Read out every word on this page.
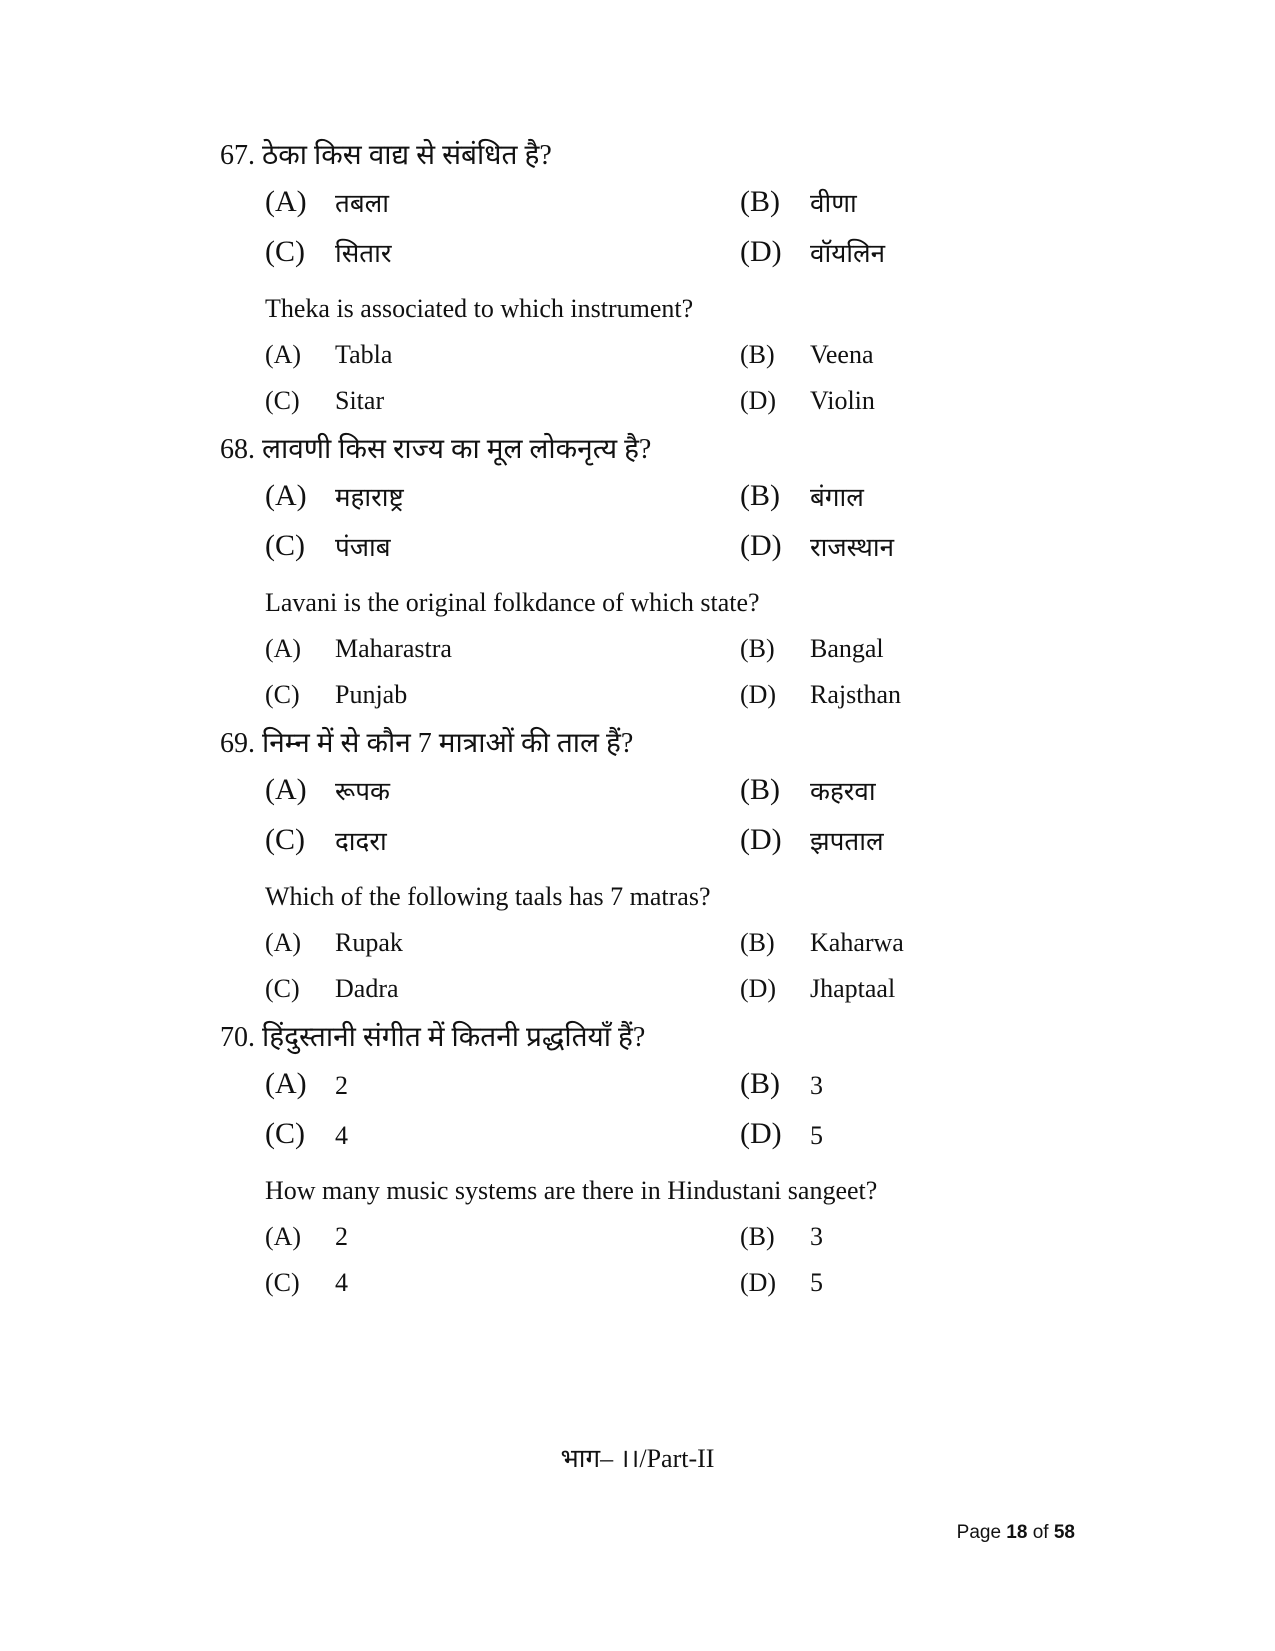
67. ठेका किस वाद्य से संबंधित है?
(A) तबला	(B) वीणा
(C) सितार	(D) वॉयलिन
Theka is associated to which instrument?
(A) Tabla	(B) Veena
(C) Sitar	(D) Violin
68. लावणी किस राज्य का मूल लोकनृत्य है?
(A) महाराष्ट्र	(B) बंगाल
(C) पंजाब	(D) राजस्थान
Lavani is the original folkdance of which state?
(A) Maharastra	(B) Bangal
(C) Punjab	(D) Rajsthan
69. निम्न में से कौन 7 मात्राओं की ताल हैं?
(A) रूपक	(B) कहरवा
(C) दादरा	(D) झपताल
Which of the following taals has 7 matras?
(A) Rupak	(B) Kaharwa
(C) Dadra	(D) Jhaptaal
70. हिंदुस्तानी संगीत में कितनी प्रद्धतियाँ हैं?
(A) 2	(B) 3
(C) 4	(D) 5
How many music systems are there in Hindustani sangeet?
(A) 2	(B) 3
(C) 4	(D) 5
भाग– ।।/Part-II
Page 18 of 58
